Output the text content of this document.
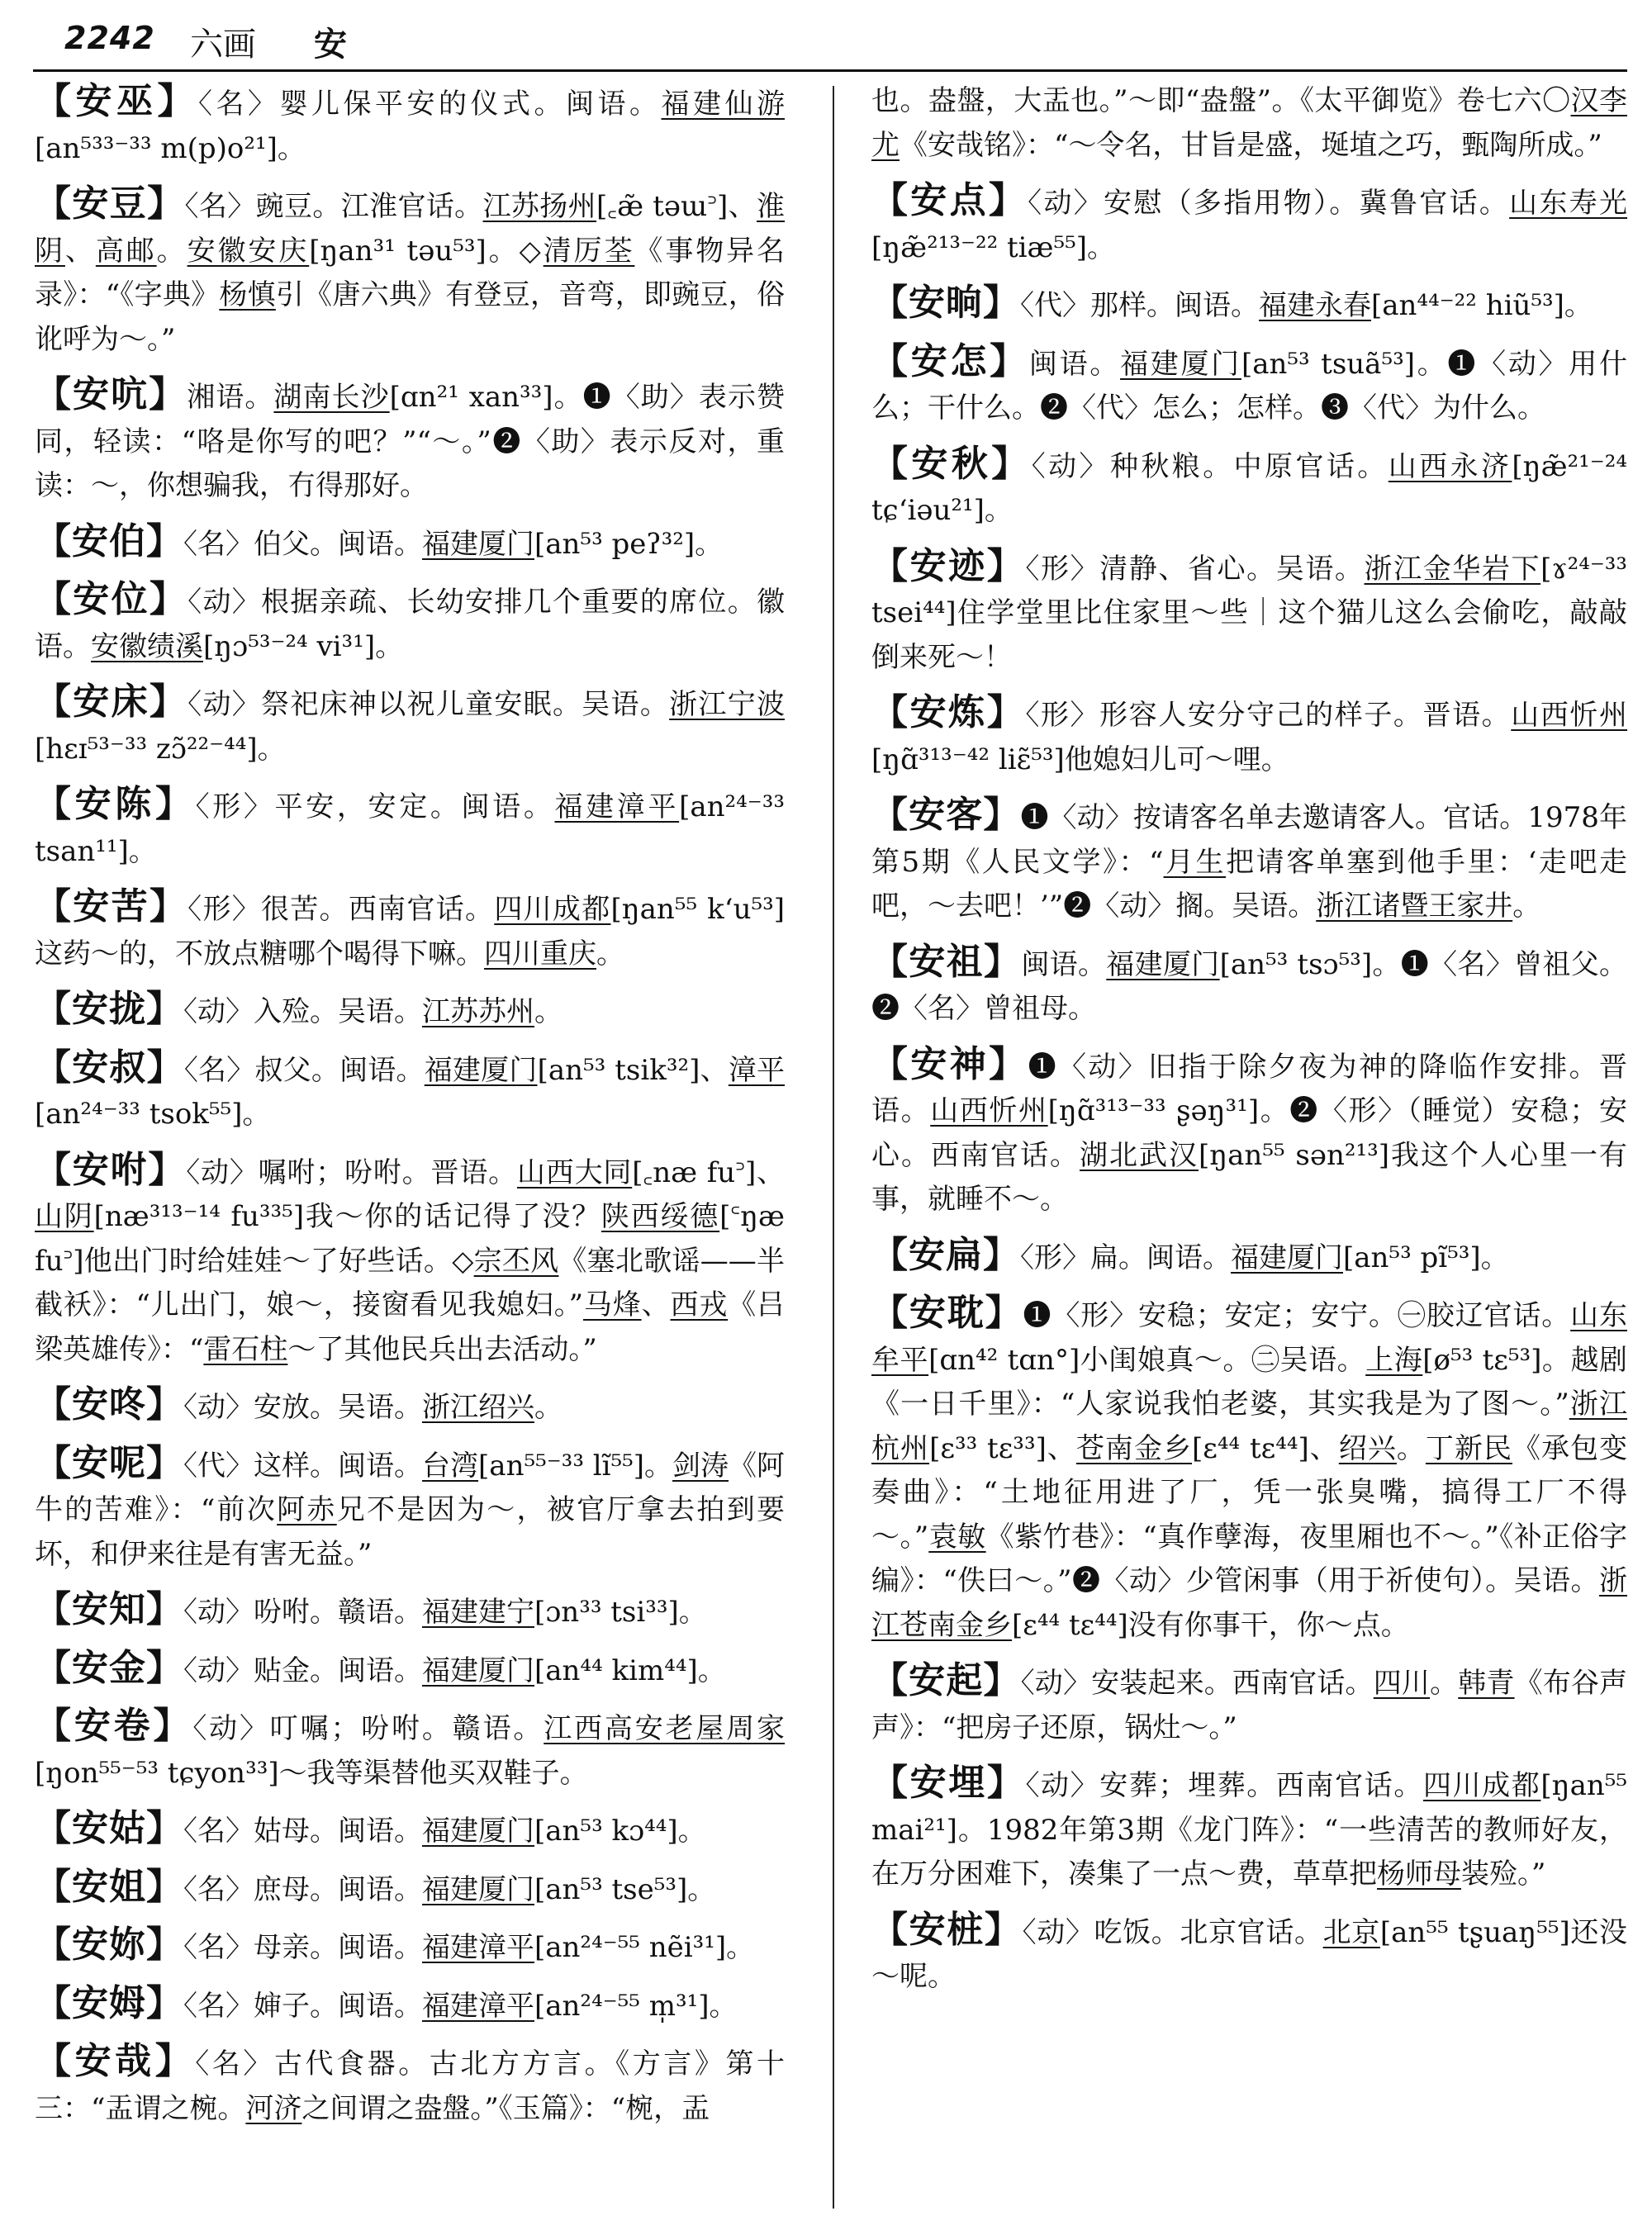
2242 六画 安
【安巫】〈名〉婴儿保平安的仪式。闽语。福建仙游[an⁵³³⁻³³ m(p)o²¹]。
【安豆】〈名〉豌豆。江淮官话。江苏扬州[꜀æ̃ təɯ꜄]、淮阴、高邮。安徽安庆[ŋan³¹ təu⁵³]。◇清厉荃《事物异名录》：“《字典》杨慎引《唐六典》有登豆，音弯，即豌豆，俗讹呼为～。”
【安吭】湘语。湖南长沙[ɑn²¹ xan³³]。❶〈助〉表示赞同，轻读：“咯是你写的吧？”“～。”❷〈助〉表示反对，重读：～，你想骗我，冇得那好。
【安伯】〈名〉伯父。闽语。福建厦门[an⁵³ peʔ³²]。
【安位】〈动〉根据亲疏、长幼安排几个重要的席位。徽语。安徽绩溪[ŋɔ⁵³⁻²⁴ vi³¹]。
【安床】〈动〉祭祀床神以祝儿童安眠。吴语。浙江宁波[hɛɪ⁵³⁻³³ zɔ̃²²⁻⁴⁴]。
【安陈】〈形〉平安，安定。闽语。福建漳平[an²⁴⁻³³ tsan¹¹]。
【安苦】〈形〉很苦。西南官话。四川成都[ŋan⁵⁵ k‘u⁵³]这药～的，不放点糖哪个喝得下嘛。四川重庆。
【安拢】〈动〉入殓。吴语。江苏苏州。
【安叔】〈名〉叔父。闽语。福建厦门[an⁵³ tsik³²]、漳平[an²⁴⁻³³ tsok⁵⁵]。
【安咐】〈动〉嘱咐；吩咐。晋语。山西大同[꜀næ fu꜄]、山阴[næ³¹³⁻¹⁴ fu³³⁵]我～你的话记得了没？陕西绥德[꜂ŋæ fu꜄]他出门时给娃娃～了好些话。◇宗丕风《塞北歌谣——半截袄》：“儿出门，娘～，接窗看见我媳妇。”马烽、西戎《吕梁英雄传》：“雷石柱～了其他民兵出去活动。”
【安咚】〈动〉安放。吴语。浙江绍兴。
【安呢】〈代〉这样。闽语。台湾[an⁵⁵⁻³³ lĩ⁵⁵]。剑涛《阿牛的苦难》：“前次阿赤兄不是因为～，被官厅拿去拍到要坏，和伊来往是有害无益。”
【安知】〈动〉吩咐。赣语。福建建宁[ɔn³³ tsi³³]。
【安金】〈动〉贴金。闽语。福建厦门[an⁴⁴ kim⁴⁴]。
【安卷】〈动〉叮嘱；吩咐。赣语。江西高安老屋周家[ŋon⁵⁵⁻⁵³ tɕyon³³]～我等渠替他买双鞋子。
【安姑】〈名〉姑母。闽语。福建厦门[an⁵³ kɔ⁴⁴]。
【安姐】〈名〉庶母。闽语。福建厦门[an⁵³ tse⁵³]。
【安妳】〈名〉母亲。闽语。福建漳平[an²⁴⁻⁵⁵ nẽi³¹]。
【安姆】〈名〉婶子。闽语。福建漳平[an²⁴⁻⁵⁵ m̩³¹]。
【安哉】〈名〉古代食器。古北方方言。《方言》第十三：“盂谓之椀。河济之间谓之盎盤。”《玉篇》：“椀，盂
也。盎盤，大盂也。”～即“盎盤”。《太平御览》卷七六〇汉李尤《安哉铭》：“～令名，甘旨是盛，埏埴之巧，甄陶所成。”
【安点】〈动〉安慰（多指用物）。冀鲁官话。山东寿光[ŋæ̃²¹³⁻²² tiæ⁵⁵]。
【安晌】〈代〉那样。闽语。福建永春[an⁴⁴⁻²² hiũ⁵³]。
【安怎】闽语。福建厦门[an⁵³ tsuã⁵³]。❶〈动〉用什么；干什么。❷〈代〉怎么；怎样。❸〈代〉为什么。
【安秋】〈动〉种秋粮。中原官话。山西永济[ŋæ̃²¹⁻²⁴ tɕ‘iəu²¹]。
【安迹】〈形〉清静、省心。吴语。浙江金华岩下[ɤ²⁴⁻³³ tsei⁴⁴]住学堂里比住家里～些｜这个猫儿这么会偷吃，敲敲倒来死～！
【安炼】〈形〉形容人安分守己的样子。晋语。山西忻州[ŋɑ̃³¹³⁻⁴² liɛ̃⁵³]他媳妇儿可～哩。
【安客】❶〈动〉按请客名单去邀请客人。官话。1978年第5期《人民文学》：“月生把请客单塞到他手里：‘走吧走吧，～去吧！’”❷〈动〉搁。吴语。浙江诸暨王家井。
【安祖】闽语。福建厦门[an⁵³ tsɔ⁵³]。❶〈名〉曾祖父。❷〈名〉曾祖母。
【安神】❶〈动〉旧指于除夕夜为神的降临作安排。晋语。山西忻州[ŋɑ̃³¹³⁻³³ ʂəŋ³¹]。❷〈形〉（睡觉）安稳；安心。西南官话。湖北武汉[ŋan⁵⁵ sən²¹³]我这个人心里一有事，就睡不～。
【安扁】〈形〉扁。闽语。福建厦门[an⁵³ pĩ⁵³]。
【安耽】❶〈形〉安稳；安定；安宁。㊀胶辽官话。山东牟平[ɑn⁴² tɑn°]小闺娘真～。㊁吴语。上海[ø⁵³ tɛ⁵³]。越剧《一日千里》：“人家说我怕老婆，其实我是为了图～。”浙江杭州[ɛ³³ tɛ³³]、苍南金乡[ɛ⁴⁴ tɛ⁴⁴]、绍兴。丁新民《承包变奏曲》：“土地征用进了厂，凭一张臭嘴，搞得工厂不得～。”袁敏《紫竹巷》：“真作孽海，夜里厢也不～。”《补正俗字编》：“佚曰～。”❷〈动〉少管闲事（用于祈使句）。吴语。浙江苍南金乡[ɛ⁴⁴ tɛ⁴⁴]没有你事干，你～点。
【安起】〈动〉安装起来。西南官话。四川。韩青《布谷声声》：“把房子还原，锅灶～。”
【安埋】〈动〉安葬；埋葬。西南官话。四川成都[ŋan⁵⁵ mai²¹]。1982年第3期《龙门阵》：“一些清苦的教师好友，在万分困难下，凑集了一点～费，草草把杨师母装殓。”
【安桩】〈动〉吃饭。北京官话。北京[an⁵⁵ tʂuaŋ⁵⁵]还没～呢。
